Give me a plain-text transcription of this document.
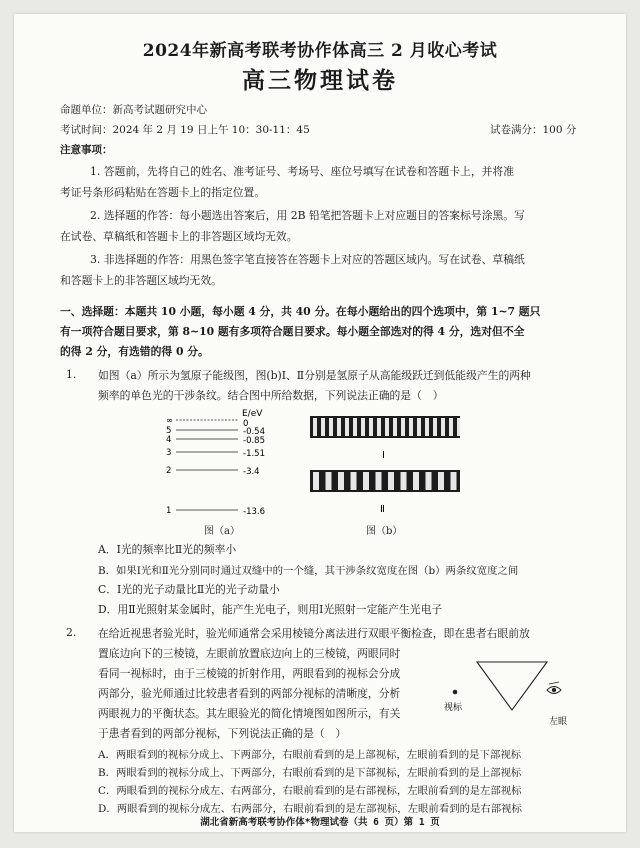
2024年新高考联考协作体高三 2 月收心考试
高三物理试卷
命题单位：新高考试题研究中心
考试时间：2024 年 2 月 19 日上午 10：30-11：45	试卷满分：100 分
注意事项：
1. 答题前，先将自己的姓名、准考证号、考场号、座位号填写在试卷和答题卡上，并将准
考证号条形码粘贴在答题卡上的指定位置。
2. 选择题的作答：每小题选出答案后，用 2B 铅笔把答题卡上对应题目的答案标号涂黑。写
在试卷、草稿纸和答题卡上的非答题区域均无效。
3. 非选择题的作答：用黑色签字笔直接答在答题卡上对应的答题区域内。写在试卷、草稿纸
和答题卡上的非答题区域均无效。
一、选择题：本题共 10 小题，每小题 4 分，共 40 分。在每小题给出的四个选项中，第 1~7 题只
有一项符合题目要求，第 8~10 题有多项符合题目要求。每小题全部选对的得 4 分，选对但不全
的得 2 分，有选错的得 0 分。
1. 如图（a）所示为氢原子能级图，图(b)Ⅰ、Ⅱ分别是氢原子从高能级跃迁到低能级产生的两种
频率的单色光的干涉条纹。结合图中所给数据，下列说法正确的是（　）
E/eV
∞
5
4
3
2
1
0
-0.54
-0.85
-1.51
-3.4
-13.6
图（a）
Ⅰ
Ⅱ
图（b）
A．Ⅰ光的频率比Ⅱ光的频率小
B．如果Ⅰ光和Ⅱ光分别同时通过双缝中的一个缝，其干涉条纹宽度在图（b）两条纹宽度之间
C．Ⅰ光的光子动量比Ⅱ光的光子动量小
D．用Ⅱ光照射某金属时，能产生光电子，则用Ⅰ光照射一定能产生光电子
2. 在给近视患者验光时，验光师通常会采用棱镜分离法进行双眼平衡检查，即在患者右眼前放
置底边向下的三棱镜，左眼前放置底边向上的三棱镜，两眼同时
看同一视标时，由于三棱镜的折射作用，两眼看到的视标会分成
两部分，验光师通过比较患者看到的两部分视标的清晰度，分析
两眼视力的平衡状态。其左眼验光的简化情境图如图所示，有关
于患者看到的两部分视标，下列说法正确的是（　）
视标
左眼
A．两眼看到的视标分成上、下两部分，右眼前看到的是上部视标，左眼前看到的是下部视标
B．两眼看到的视标分成上、下两部分，右眼前看到的是下部视标，左眼前看到的是上部视标
C．两眼看到的视标分成左、右两部分，右眼前看到的是右部视标，左眼前看到的是左部视标
D．两眼看到的视标分成左、右两部分，右眼前看到的是左部视标，左眼前看到的是右部视标
湖北省新高考联考协作体*物理试卷（共 6 页）第 1 页
